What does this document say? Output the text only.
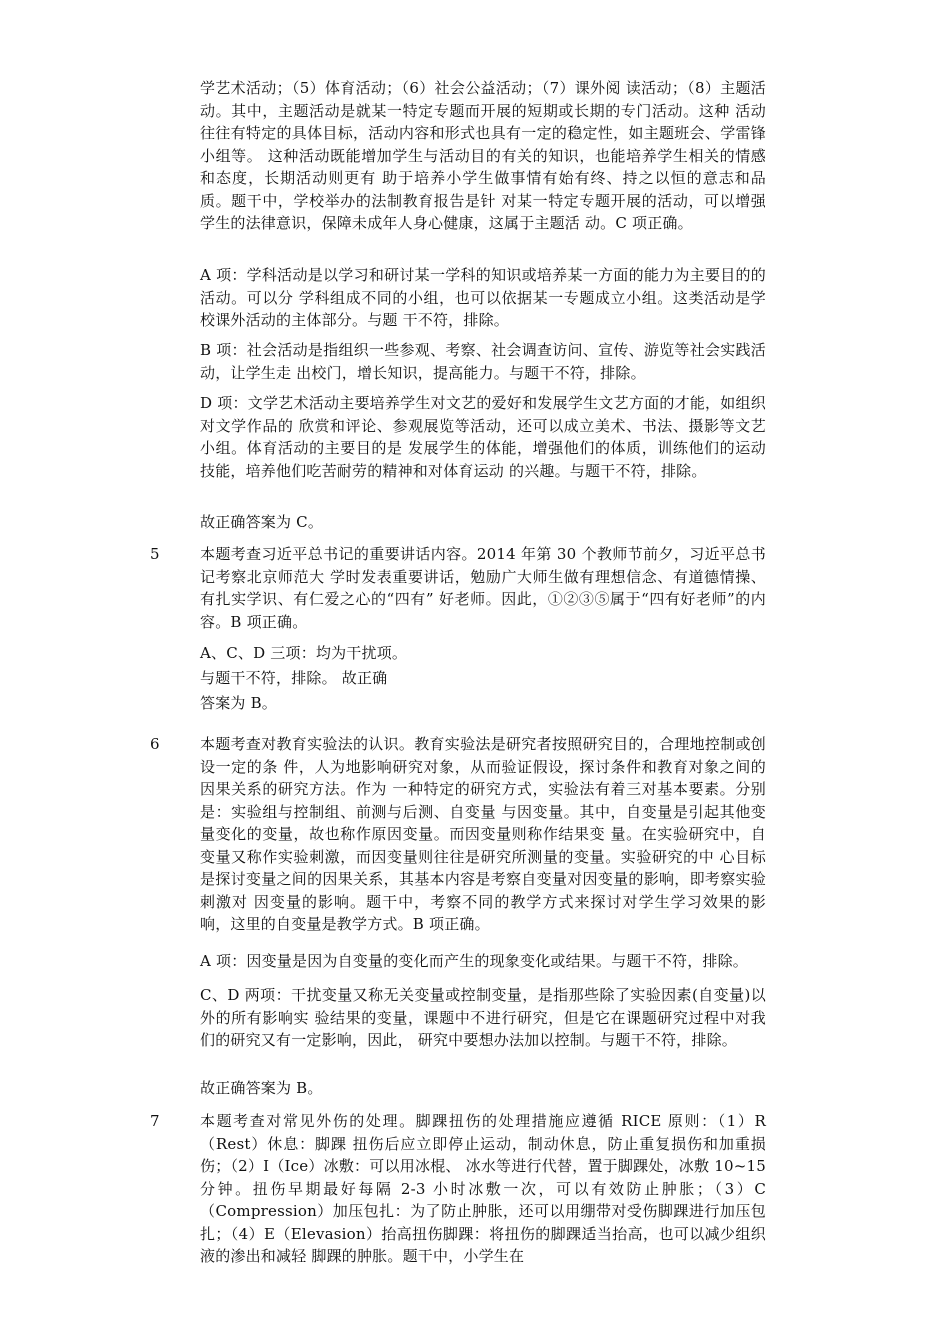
学艺术活动；（5）体育活动；（6）社会公益活动；（7）课外阅 读活动；（8）主题活动。其中，主题活动是就某一特定专题而开展的短期或长期的专门活动。这种 活动往往有特定的具体目标，活动内容和形式也具有一定的稳定性，如主题班会、学雷锋小组等。 这种活动既能增加学生与活动目的有关的知识，也能培养学生相关的情感和态度，长期活动则更有 助于培养小学生做事情有始有终、持之以恒的意志和品质。题干中，学校举办的法制教育报告是针 对某一特定专题开展的活动，可以增强学生的法律意识，保障未成年人身心健康，这属于主题活 动。C 项正确。
A 项：学科活动是以学习和研讨某一学科的知识或培养某一方面的能力为主要目的的活动。可以分 学科组成不同的小组，也可以依据某一专题成立小组。这类活动是学校课外活动的主体部分。与题 干不符，排除。
B 项：社会活动是指组织一些参观、考察、社会调查访问、宣传、游览等社会实践活动，让学生走 出校门，增长知识，提高能力。与题干不符，排除。
D 项：文学艺术活动主要培养学生对文艺的爱好和发展学生文艺方面的才能，如组织对文学作品的 欣赏和评论、参观展览等活动，还可以成立美术、书法、摄影等文艺小组。体育活动的主要目的是 发展学生的体能，增强他们的体质，训练他们的运动技能，培养他们吃苦耐劳的精神和对体育运动 的兴趣。与题干不符，排除。
故正确答案为 C。
5	本题考查习近平总书记的重要讲话内容。2014 年第 30 个教师节前夕，习近平总书记考察北京师范大 学时发表重要讲话，勉励广大师生做有理想信念、有道德情操、有扎实学识、有仁爱之心的“四有” 好老师。因此，①②③⑤属于“四有好老师”的内容。B 项正确。
A、C、D 三项：均为干扰项。
与题干不符，排除。 故正确
答案为 B。
6	本题考查对教育实验法的认识。教育实验法是研究者按照研究目的，合理地控制或创设一定的条 件，人为地影响研究对象，从而验证假设，探讨条件和教育对象之间的因果关系的研究方法。作为 一种特定的研究方式，实验法有着三对基本要素。分别是：实验组与控制组、前测与后测、自变量 与因变量。其中，自变量是引起其他变量变化的变量，故也称作原因变量。而因变量则称作结果变 量。在实验研究中，自变量又称作实验刺激，而因变量则往往是研究所测量的变量。实验研究的中 心目标是探讨变量之间的因果关系，其基本内容是考察自变量对因变量的影响，即考察实验刺激对 因变量的影响。题干中，考察不同的教学方式来探讨对学生学习效果的影响，这里的自变量是教学方式。B 项正确。
A 项：因变量是因为自变量的变化而产生的现象变化或结果。与题干不符，排除。
C、D 两项：干扰变量又称无关变量或控制变量，是指那些除了实验因素(自变量)以外的所有影响实 验结果的变量，课题中不进行研究，但是它在课题研究过程中对我们的研究又有一定影响，因此， 研究中要想办法加以控制。与题干不符，排除。
故正确答案为 B。
7	本题考查对常见外伤的处理。脚踝扭伤的处理措施应遵循 RICE 原则：（1）R（Rest）休息：脚踝 扭伤后应立即停止运动，制动休息，防止重复损伤和加重损伤；（2）I（Ice）冰敷：可以用冰棍、 冰水等进行代替，置于脚踝处，冰敷 10~15 分钟。扭伤早期最好每隔 2-3 小时冰敷一次，可以有效防止肿胀；（3）C（Compression）加压包扎：为了防止肿胀，还可以用绷带对受伤脚踝进行加压包 扎；（4）E（Elevasion）抬高扭伤脚踝：将扭伤的脚踝适当抬高，也可以减少组织液的渗出和减轻 脚踝的肿胀。题干中，小学生在
